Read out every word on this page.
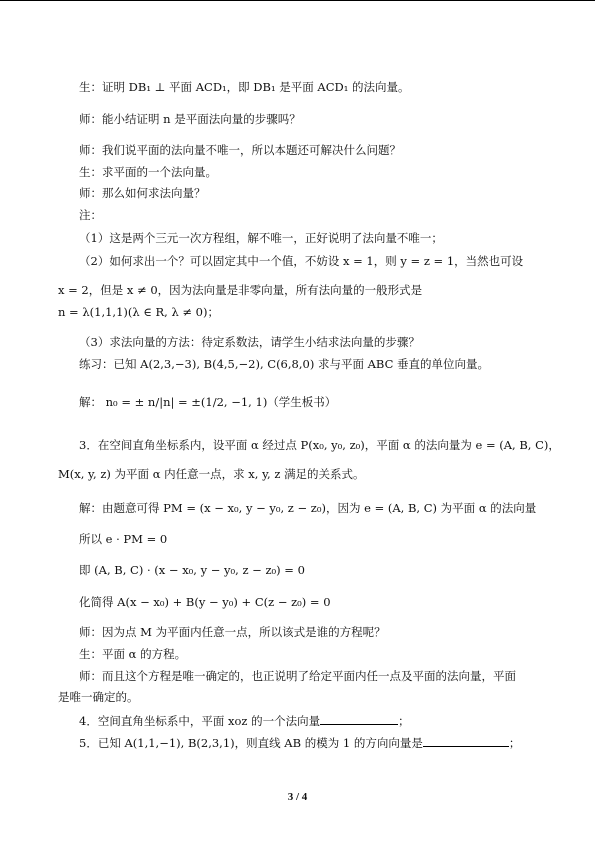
生：证明 DB₁ ⊥ 平面 ACD₁，即 DB₁ 是平面 ACD₁ 的法向量。
师：能小结证明 n 是平面法向量的步骤吗？
师：我们说平面的法向量不唯一，所以本题还可解决什么问题？
生：求平面的一个法向量。
师：那么如何求法向量？
注：
（1）这是两个三元一次方程组，解不唯一，正好说明了法向量不唯一；
（2）如何求出一个？可以固定其中一个值，不妨设 x = 1，则 y = z = 1，当然也可设
x = 2，但是 x ≠ 0，因为法向量是非零向量，所有法向量的一般形式是
n = λ(1,1,1)(λ ∈ R, λ ≠ 0)；
（3）求法向量的方法：待定系数法，请学生小结求法向量的步骤？
练习：已知 A(2,3,−3), B(4,5,−2), C(6,8,0) 求与平面 ABC 垂直的单位向量。
解： n₀ = ± n/|n| = ±(1/2, −1, 1)（学生板书）
3．在空间直角坐标系内，设平面 α 经过点 P(x₀, y₀, z₀)，平面 α 的法向量为 e = (A, B, C)，
M(x, y, z) 为平面 α 内任意一点，求 x, y, z 满足的关系式。
解：由题意可得 PM = (x − x₀, y − y₀, z − z₀)，因为 e = (A, B, C) 为平面 α 的法向量
所以 e · PM = 0
即 (A, B, C) · (x − x₀, y − y₀, z − z₀) = 0
化简得 A(x − x₀) + B(y − y₀) + C(z − z₀) = 0
师：因为点 M 为平面内任意一点，所以该式是谁的方程呢？
生：平面 α 的方程。
师：而且这个方程是唯一确定的，也正说明了给定平面内任一点及平面的法向量，平面
是唯一确定的。
4．空间直角坐标系中，平面 xoz 的一个法向量	；
5．已知 A(1,1,−1), B(2,3,1)，则直线 AB 的模为 1 的方向向量是	；
3 / 4
